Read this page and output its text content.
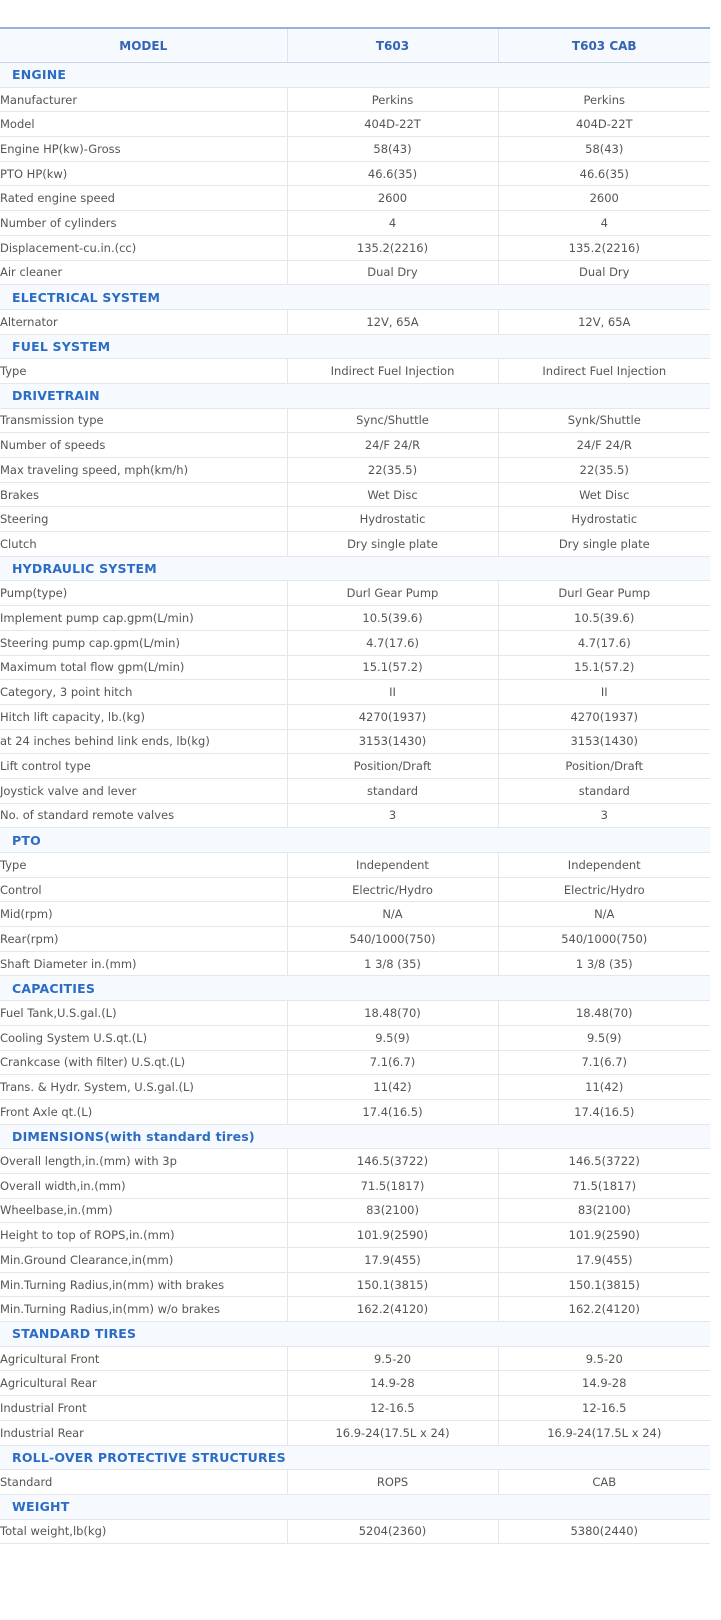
MODEL	T603	T603 CAB
ENGINE		
Manufacturer	Perkins	Perkins
Model	404D-22T	404D-22T
Engine HP(kw)-Gross	58(43)	58(43)
PTO HP(kw)	46.6(35)	46.6(35)
Rated engine speed	2600	2600
Number of cylinders	4	4
Displacement-cu.in.(cc)	135.2(2216)	135.2(2216)
Air cleaner	Dual Dry	Dual Dry
ELECTRICAL SYSTEM		
Alternator	12V, 65A	12V, 65A
FUEL SYSTEM		
Type	Indirect Fuel Injection	Indirect Fuel Injection
DRIVETRAIN		
Transmission type	Sync/Shuttle	Synk/Shuttle
Number of speeds	24/F 24/R	24/F 24/R
Max traveling speed, mph(km/h)	22(35.5)	22(35.5)
Brakes	Wet Disc	Wet Disc
Steering	Hydrostatic	Hydrostatic
Clutch	Dry single plate	Dry single plate
HYDRAULIC SYSTEM		
Pump(type)	Durl Gear Pump	Durl Gear Pump
Implement pump cap.gpm(L/min)	10.5(39.6)	10.5(39.6)
Steering pump cap.gpm(L/min)	4.7(17.6)	4.7(17.6)
Maximum total flow gpm(L/min)	15.1(57.2)	15.1(57.2)
Category, 3 point hitch	II	II
Hitch lift capacity, lb.(kg)	4270(1937)	4270(1937)
at 24 inches behind link ends, lb(kg)	3153(1430)	3153(1430)
Lift control type	Position/Draft	Position/Draft
Joystick valve and lever	standard	standard
No. of standard remote valves	3	3
PTO		
Type	Independent	Independent
Control	Electric/Hydro	Electric/Hydro
Mid(rpm)	N/A	N/A
Rear(rpm)	540/1000(750)	540/1000(750)
Shaft Diameter in.(mm)	1 3/8 (35)	1 3/8 (35)
CAPACITIES		
Fuel Tank,U.S.gal.(L)	18.48(70)	18.48(70)
Cooling System U.S.qt.(L)	9.5(9)	9.5(9)
Crankcase (with filter) U.S.qt.(L)	7.1(6.7)	7.1(6.7)
Trans. & Hydr. System, U.S.gal.(L)	11(42)	11(42)
Front Axle qt.(L)	17.4(16.5)	17.4(16.5)
DIMENSIONS(with standard tires)		
Overall length,in.(mm) with 3p	146.5(3722)	146.5(3722)
Overall width,in.(mm)	71.5(1817)	71.5(1817)
Wheelbase,in.(mm)	83(2100)	83(2100)
Height to top of ROPS,in.(mm)	101.9(2590)	101.9(2590)
Min.Ground Clearance,in(mm)	17.9(455)	17.9(455)
Min.Turning Radius,in(mm) with brakes	150.1(3815)	150.1(3815)
Min.Turning Radius,in(mm) w/o brakes	162.2(4120)	162.2(4120)
STANDARD TIRES		
Agricultural Front	9.5-20	9.5-20
Agricultural Rear	14.9-28	14.9-28
Industrial Front	12-16.5	12-16.5
Industrial Rear	16.9-24(17.5L x 24)	16.9-24(17.5L x 24)
ROLL-OVER PROTECTIVE STRUCTURES		
Standard	ROPS	CAB
WEIGHT		
Total weight,lb(kg)	5204(2360)	5380(2440)
